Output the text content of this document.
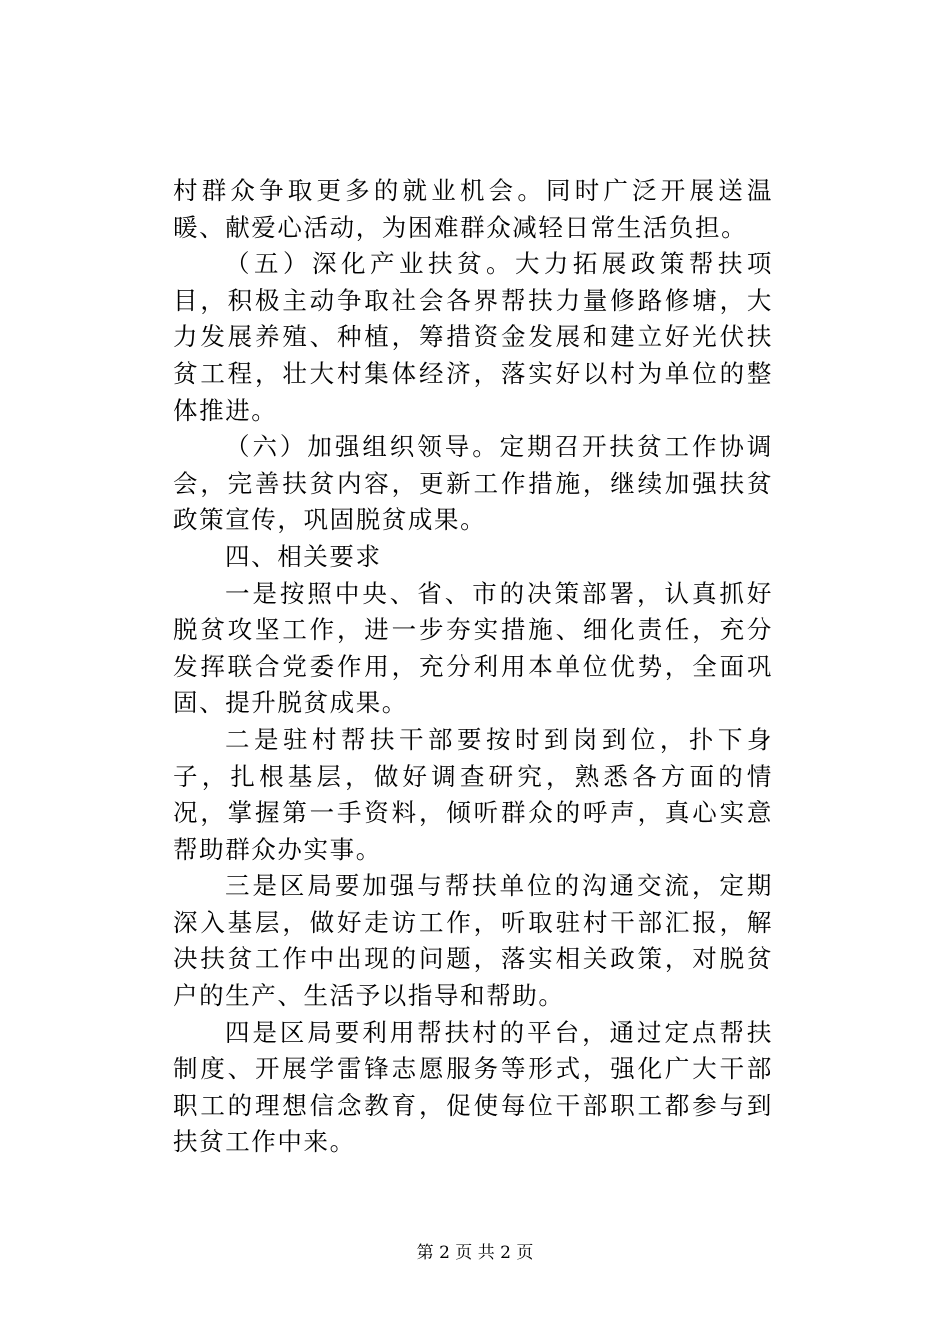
村群众争取更多的就业机会。同时广泛开展送温暖、献爱心活动，为困难群众减轻日常生活负担。

（五）深化产业扶贫。大力拓展政策帮扶项目，积极主动争取社会各界帮扶力量修路修塘，大力发展养殖、种植，筹措资金发展和建立好光伏扶贫工程，壮大村集体经济，落实好以村为单位的整体推进。

（六）加强组织领导。定期召开扶贫工作协调会，完善扶贫内容，更新工作措施，继续加强扶贫政策宣传，巩固脱贫成果。

四、相关要求

一是按照中央、省、市的决策部署，认真抓好脱贫攻坚工作，进一步夯实措施、细化责任，充分发挥联合党委作用，充分利用本单位优势，全面巩固、提升脱贫成果。

二是驻村帮扶干部要按时到岗到位，扑下身子，扎根基层，做好调查研究，熟悉各方面的情况，掌握第一手资料，倾听群众的呼声，真心实意帮助群众办实事。

三是区局要加强与帮扶单位的沟通交流，定期深入基层，做好走访工作，听取驻村干部汇报，解决扶贫工作中出现的问题，落实相关政策，对脱贫户的生产、生活予以指导和帮助。

四是区局要利用帮扶村的平台，通过定点帮扶制度、开展学雷锋志愿服务等形式，强化广大干部职工的理想信念教育，促使每位干部职工都参与到扶贫工作中来。

第 2 页 共 2 页
